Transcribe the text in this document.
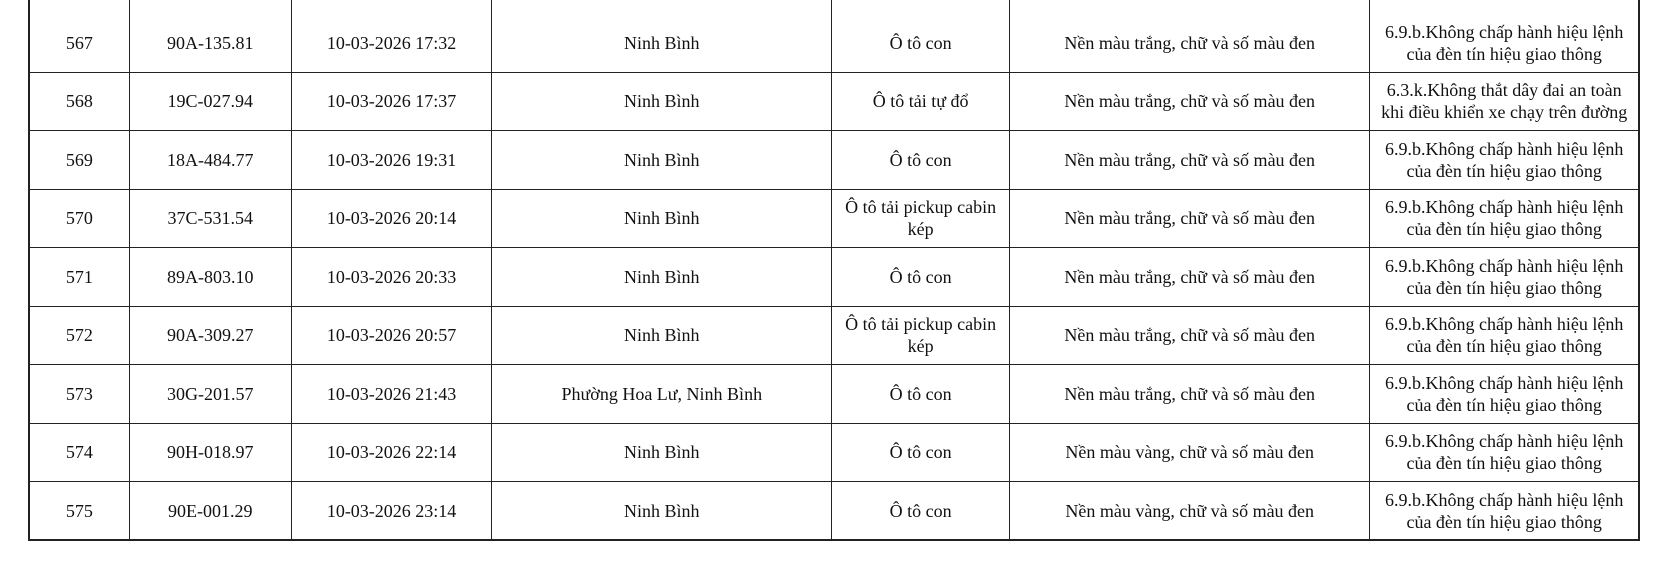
567	90A-135.81	10-03-2026 17:32	Ninh Bình	Ô tô con	Nền màu trắng, chữ và số màu đen	6.9.b.Không chấp hành hiệu lệnh của đèn tín hiệu giao thông
568	19C-027.94	10-03-2026 17:37	Ninh Bình	Ô tô tải tự đổ	Nền màu trắng, chữ và số màu đen	6.3.k.Không thắt dây đai an toàn khi điều khiển xe chạy trên đường
569	18A-484.77	10-03-2026 19:31	Ninh Bình	Ô tô con	Nền màu trắng, chữ và số màu đen	6.9.b.Không chấp hành hiệu lệnh của đèn tín hiệu giao thông
570	37C-531.54	10-03-2026 20:14	Ninh Bình	Ô tô tải pickup cabin kép	Nền màu trắng, chữ và số màu đen	6.9.b.Không chấp hành hiệu lệnh của đèn tín hiệu giao thông
571	89A-803.10	10-03-2026 20:33	Ninh Bình	Ô tô con	Nền màu trắng, chữ và số màu đen	6.9.b.Không chấp hành hiệu lệnh của đèn tín hiệu giao thông
572	90A-309.27	10-03-2026 20:57	Ninh Bình	Ô tô tải pickup cabin kép	Nền màu trắng, chữ và số màu đen	6.9.b.Không chấp hành hiệu lệnh của đèn tín hiệu giao thông
573	30G-201.57	10-03-2026 21:43	Phường Hoa Lư, Ninh Bình	Ô tô con	Nền màu trắng, chữ và số màu đen	6.9.b.Không chấp hành hiệu lệnh của đèn tín hiệu giao thông
574	90H-018.97	10-03-2026 22:14	Ninh Bình	Ô tô con	Nền màu vàng, chữ và số màu đen	6.9.b.Không chấp hành hiệu lệnh của đèn tín hiệu giao thông
575	90E-001.29	10-03-2026 23:14	Ninh Bình	Ô tô con	Nền màu vàng, chữ và số màu đen	6.9.b.Không chấp hành hiệu lệnh của đèn tín hiệu giao thông
